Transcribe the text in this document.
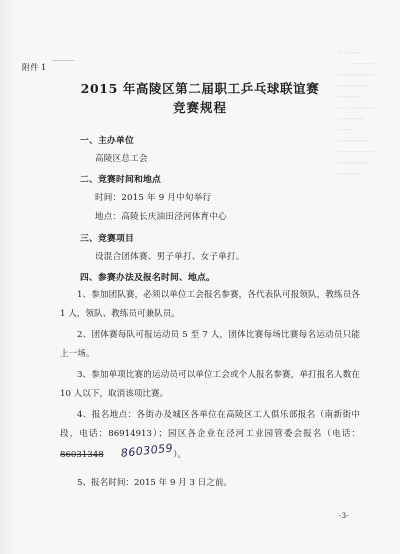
─  ────
二、 ──────
──────────
─────────
──────
──  ───────
───────
────
─────────
──────────
────────
──────
附件 1
2015 年高陵区第二届职工乒乓球联谊赛
竞赛规程
一、主办单位
高陵区总工会
二、竞赛时间和地点
时间：2015 年 9 月中旬举行
地点：高陵长庆油田泾河体育中心
三、竞赛项目
设混合团体赛、男子单打、女子单打。
四、参赛办法及报名时间、地点。
1、参加团队赛，必须以单位工会报名参赛，各代表队可报领队，教练员各 1 人，领队、教练员可兼队员。
2、团体赛每队可报运动员 5 至 7 人，团体比赛每场比赛每名运动员只能上一场。
3、参加单项比赛的运动员可以单位工会或个人报名参赛，单打报名人数在 10 人以下，取消该项比赛。
4、报名地点：各街办及城区各单位在高陵区工人俱乐部报名（南新街中段，电话：86914913）；园区各企业在泾河工业园管委会报名（电话：86031348 8603059）。
5、报名时间：2015 年 9 月 3 日之前。
-3-
